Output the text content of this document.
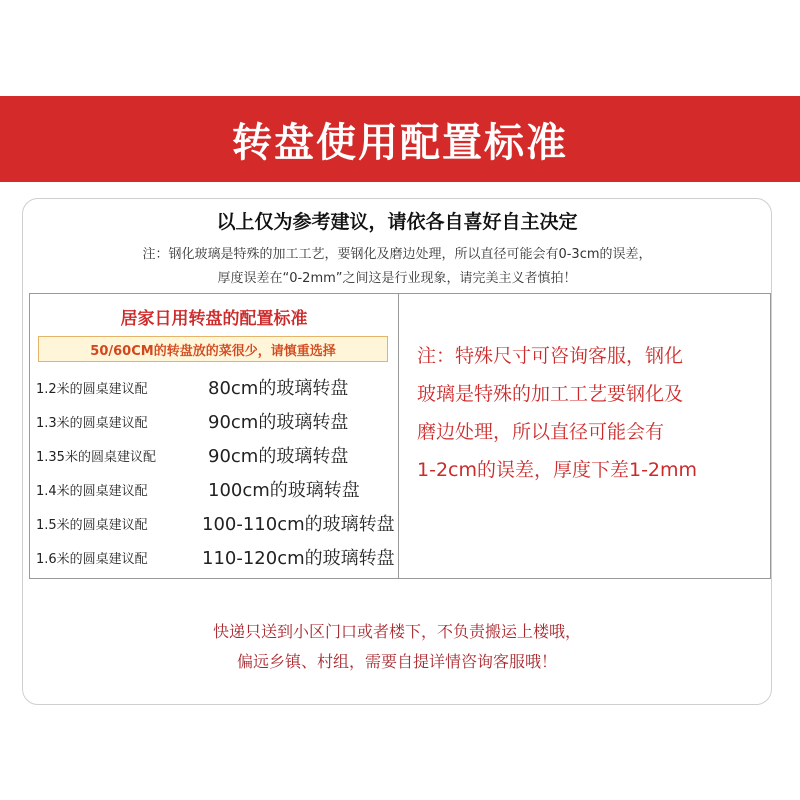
转盘使用配置标准
以上仅为参考建议，请依各自喜好自主决定
注：钢化玻璃是特殊的加工工艺，要钢化及磨边处理，所以直径可能会有0-3cm的误差，
厚度误差在“0-2mm”之间这是行业现象，请完美主义者慎拍！
居家日用转盘的配置标准
50/60CM的转盘放的菜很少，请慎重选择
1.2米的圆桌建议配	80cm的玻璃转盘
1.3米的圆桌建议配	90cm的玻璃转盘
1.35米的圆桌建议配	90cm的玻璃转盘
1.4米的圆桌建议配	100cm的玻璃转盘
1.5米的圆桌建议配	100-110cm的玻璃转盘
1.6米的圆桌建议配	110-120cm的玻璃转盘
注：特殊尺寸可咨询客服，钢化
玻璃是特殊的加工工艺要钢化及
磨边处理，所以直径可能会有
1-2cm的误差，厚度下差1-2mm
快递只送到小区门口或者楼下，不负责搬运上楼哦，
偏远乡镇、村组，需要自提详情咨询客服哦！
